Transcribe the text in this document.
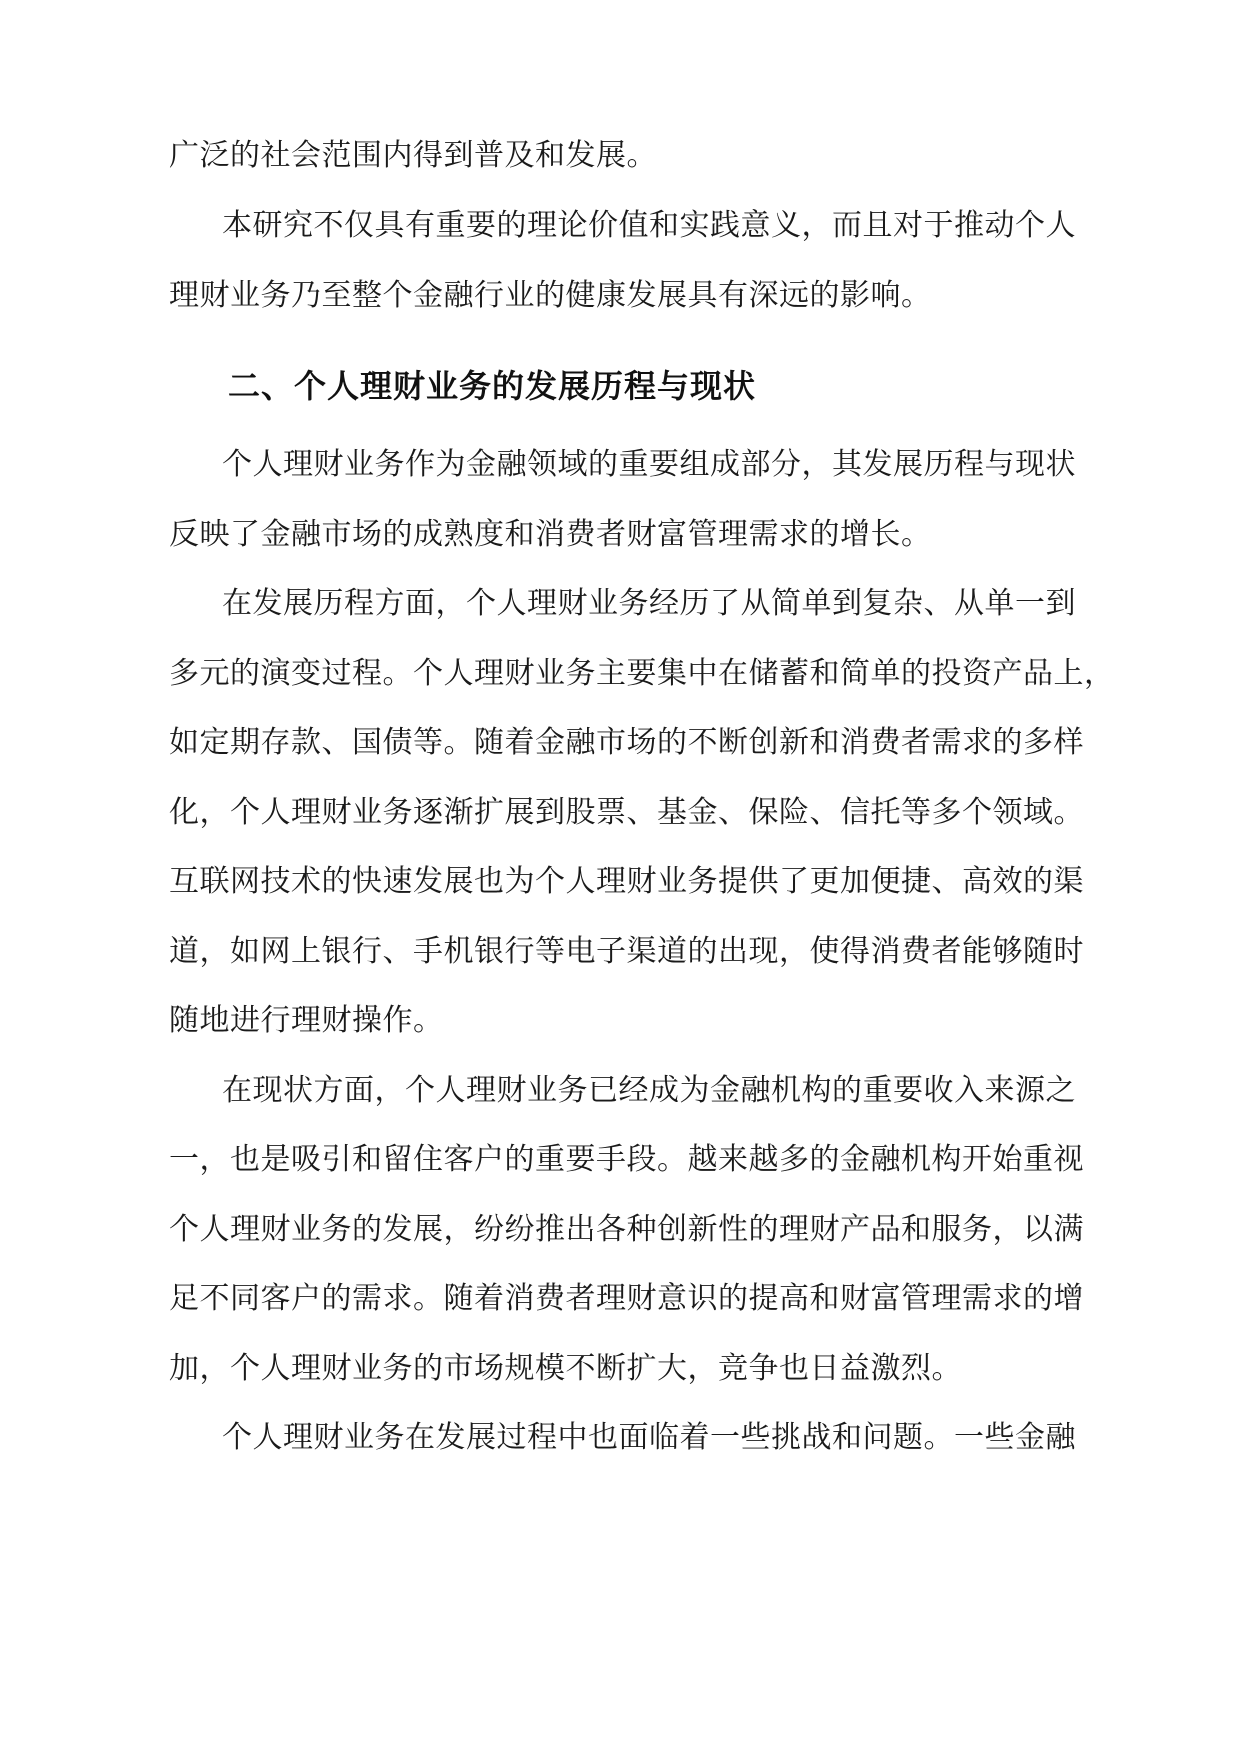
广泛的社会范围内得到普及和发展。
本研究不仅具有重要的理论价值和实践意义，而且对于推动个人
理财业务乃至整个金融行业的健康发展具有深远的影响。
二、个人理财业务的发展历程与现状
个人理财业务作为金融领域的重要组成部分，其发展历程与现状
反映了金融市场的成熟度和消费者财富管理需求的增长。
在发展历程方面，个人理财业务经历了从简单到复杂、从单一到
多元的演变过程。个人理财业务主要集中在储蓄和简单的投资产品上，
如定期存款、国债等。随着金融市场的不断创新和消费者需求的多样
化，个人理财业务逐渐扩展到股票、基金、保险、信托等多个领域。
互联网技术的快速发展也为个人理财业务提供了更加便捷、高效的渠
道，如网上银行、手机银行等电子渠道的出现，使得消费者能够随时
随地进行理财操作。
在现状方面，个人理财业务已经成为金融机构的重要收入来源之
一，也是吸引和留住客户的重要手段。越来越多的金融机构开始重视
个人理财业务的发展，纷纷推出各种创新性的理财产品和服务，以满
足不同客户的需求。随着消费者理财意识的提高和财富管理需求的增
加，个人理财业务的市场规模不断扩大，竞争也日益激烈。
个人理财业务在发展过程中也面临着一些挑战和问题。一些金融
